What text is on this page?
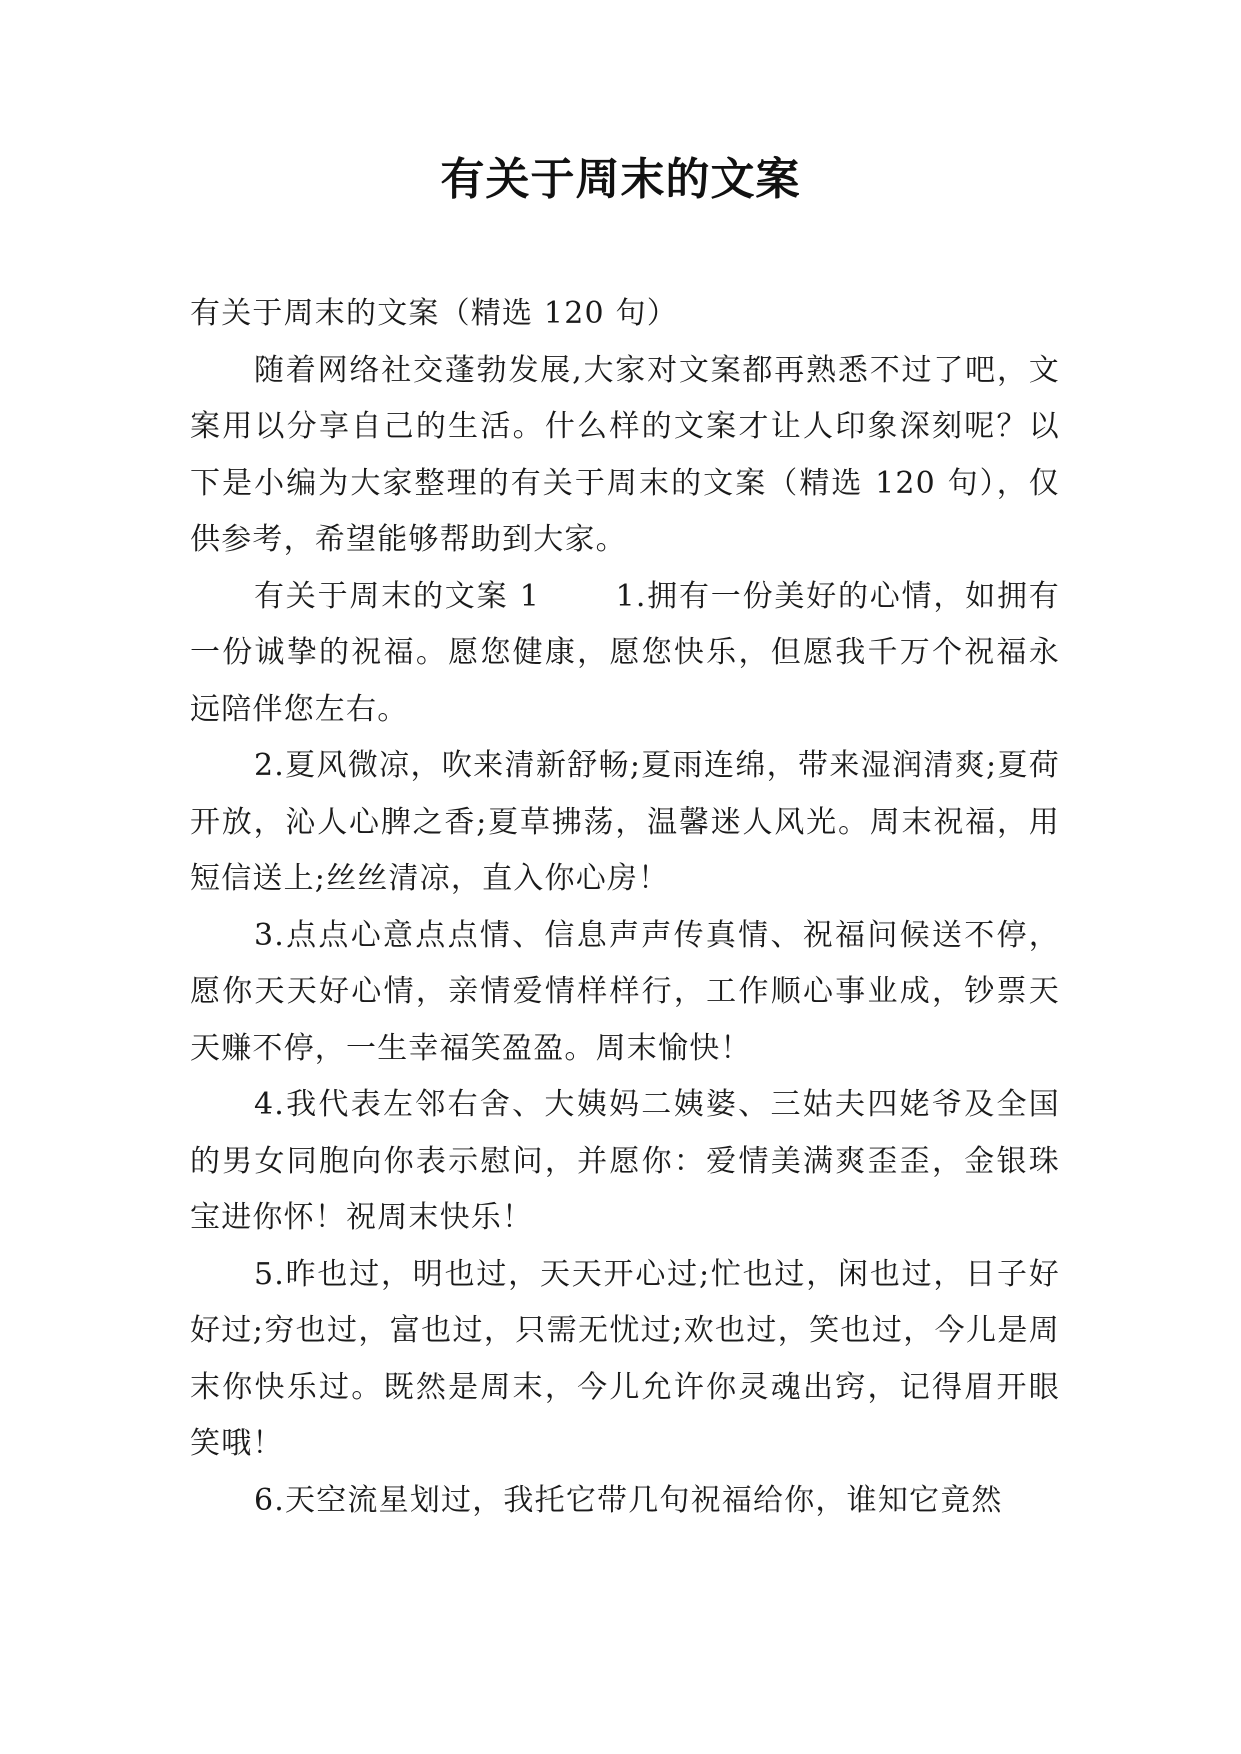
有关于周末的文案

有关于周末的文案（精选 120 句）

随着网络社交蓬勃发展,大家对文案都再熟悉不过了吧，文案用以分享自己的生活。什么样的文案才让人印象深刻呢？以下是小编为大家整理的有关于周末的文案（精选 120 句），仅供参考，希望能够帮助到大家。

有关于周末的文案 1　　 1.拥有一份美好的心情，如拥有一份诚挚的祝福。愿您健康，愿您快乐，但愿我千万个祝福永远陪伴您左右。

2.夏风微凉，吹来清新舒畅;夏雨连绵，带来湿润清爽;夏荷开放，沁人心脾之香;夏草拂荡，温馨迷人风光。周末祝福，用短信送上;丝丝清凉，直入你心房！

3.点点心意点点情、信息声声传真情、祝福问候送不停，愿你天天好心情，亲情爱情样样行，工作顺心事业成，钞票天天赚不停，一生幸福笑盈盈。周末愉快！

4.我代表左邻右舍、大姨妈二姨婆、三姑夫四姥爷及全国的男女同胞向你表示慰问，并愿你：爱情美满爽歪歪，金银珠宝进你怀！祝周末快乐！

5.昨也过，明也过，天天开心过;忙也过，闲也过，日子好好过;穷也过，富也过，只需无忧过;欢也过，笑也过，今儿是周末你快乐过。既然是周末，今儿允许你灵魂出窍，记得眉开眼笑哦！

6.天空流星划过，我托它带几句祝福给你，谁知它竟然
